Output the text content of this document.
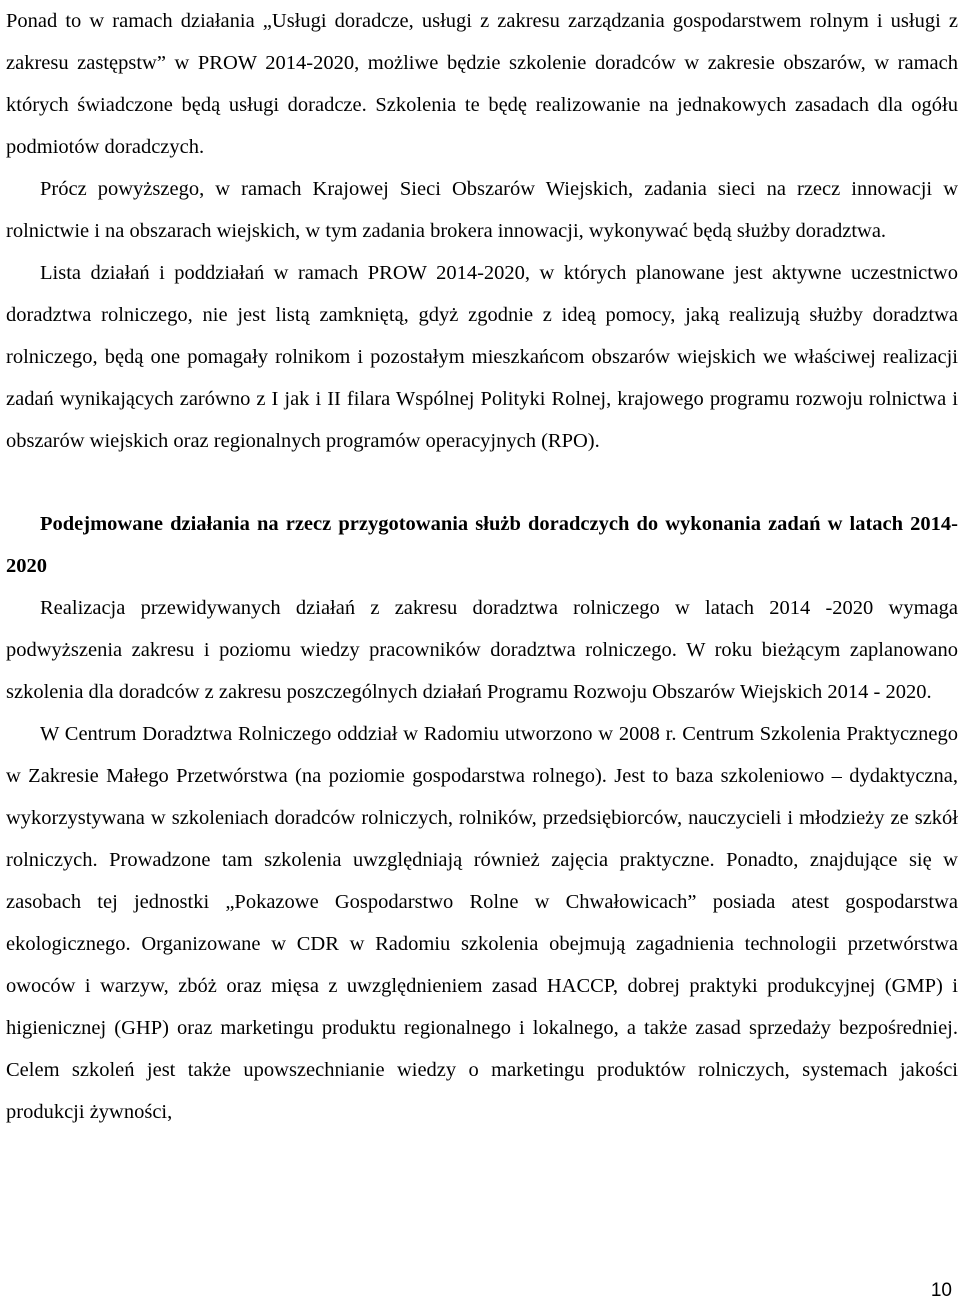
Ponad to w ramach działania „Usługi doradcze, usługi z zakresu zarządzania gospodarstwem rolnym i usługi z zakresu zastępstw” w PROW 2014-2020, możliwe będzie szkolenie doradców w zakresie obszarów, w ramach których świadczone będą usługi doradcze. Szkolenia te będę realizowanie na jednakowych zasadach dla ogółu podmiotów doradczych.

Prócz powyższego, w ramach Krajowej Sieci Obszarów Wiejskich, zadania sieci na rzecz innowacji w rolnictwie i na obszarach wiejskich, w tym zadania brokera innowacji, wykonywać będą służby doradztwa.

Lista działań i poddziałań w ramach PROW 2014-2020, w których planowane jest aktywne uczestnictwo doradztwa rolniczego, nie jest listą zamkniętą, gdyż zgodnie z ideą pomocy, jaką realizują służby doradztwa rolniczego, będą one pomagały rolnikom i pozostałym mieszkańcom obszarów wiejskich we właściwej realizacji zadań wynikających zarówno z I jak i II filara Wspólnej Polityki Rolnej, krajowego programu rozwoju rolnictwa i obszarów wiejskich oraz regionalnych programów operacyjnych (RPO).

Podejmowane działania na rzecz przygotowania służb doradczych do wykonania zadań w latach 2014-2020

Realizacja przewidywanych działań z zakresu doradztwa rolniczego w latach 2014 -2020 wymaga podwyższenia zakresu i poziomu wiedzy pracowników doradztwa rolniczego. W roku bieżącym zaplanowano szkolenia dla doradców z zakresu poszczególnych działań Programu Rozwoju Obszarów Wiejskich 2014 - 2020.

W Centrum Doradztwa Rolniczego oddział w Radomiu utworzono w 2008 r. Centrum Szkolenia Praktycznego w Zakresie Małego Przetwórstwa (na poziomie gospodarstwa rolnego). Jest to baza szkoleniowo – dydaktyczna, wykorzystywana w szkoleniach doradców rolniczych, rolników, przedsiębiorców, nauczycieli i młodzieży ze szkół rolniczych. Prowadzone tam szkolenia uwzględniają również zajęcia praktyczne. Ponadto, znajdujące się w zasobach tej jednostki „Pokazowe Gospodarstwo Rolne w Chwałowicach” posiada atest gospodarstwa ekologicznego. Organizowane w CDR w Radomiu szkolenia obejmują zagadnienia technologii przetwórstwa owoców i warzyw, zbóż oraz mięsa z uwzględnieniem zasad HACCP, dobrej praktyki produkcyjnej (GMP) i higienicznej (GHP) oraz marketingu produktu regionalnego i lokalnego, a także zasad sprzedaży bezpośredniej. Celem szkoleń jest także upowszechnianie wiedzy o marketingu produktów rolniczych, systemach jakości produkcji żywności,

10
